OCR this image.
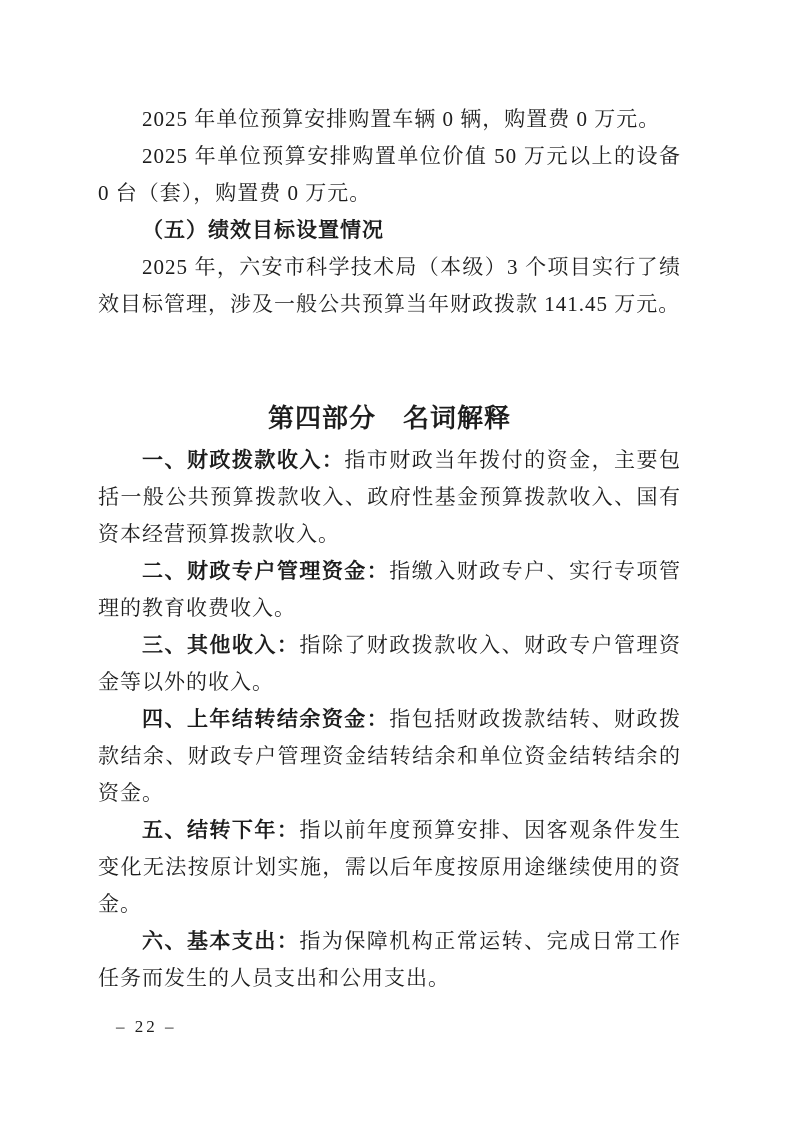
2025 年单位预算安排购置车辆 0 辆，购置费 0 万元。

2025 年单位预算安排购置单位价值 50 万元以上的设备 0 台（套），购置费 0 万元。

（五）绩效目标设置情况

2025 年，六安市科学技术局（本级）3 个项目实行了绩效目标管理，涉及一般公共预算当年财政拨款 141.45 万元。

第四部分　名词解释

一、财政拨款收入：指市财政当年拨付的资金，主要包括一般公共预算拨款收入、政府性基金预算拨款收入、国有资本经营预算拨款收入。

二、财政专户管理资金：指缴入财政专户、实行专项管理的教育收费收入。

三、其他收入：指除了财政拨款收入、财政专户管理资金等以外的收入。

四、上年结转结余资金：指包括财政拨款结转、财政拨款结余、财政专户管理资金结转结余和单位资金结转结余的资金。

五、结转下年：指以前年度预算安排、因客观条件发生变化无法按原计划实施，需以后年度按原用途继续使用的资金。

六、基本支出：指为保障机构正常运转、完成日常工作任务而发生的人员支出和公用支出。

– 22 –
